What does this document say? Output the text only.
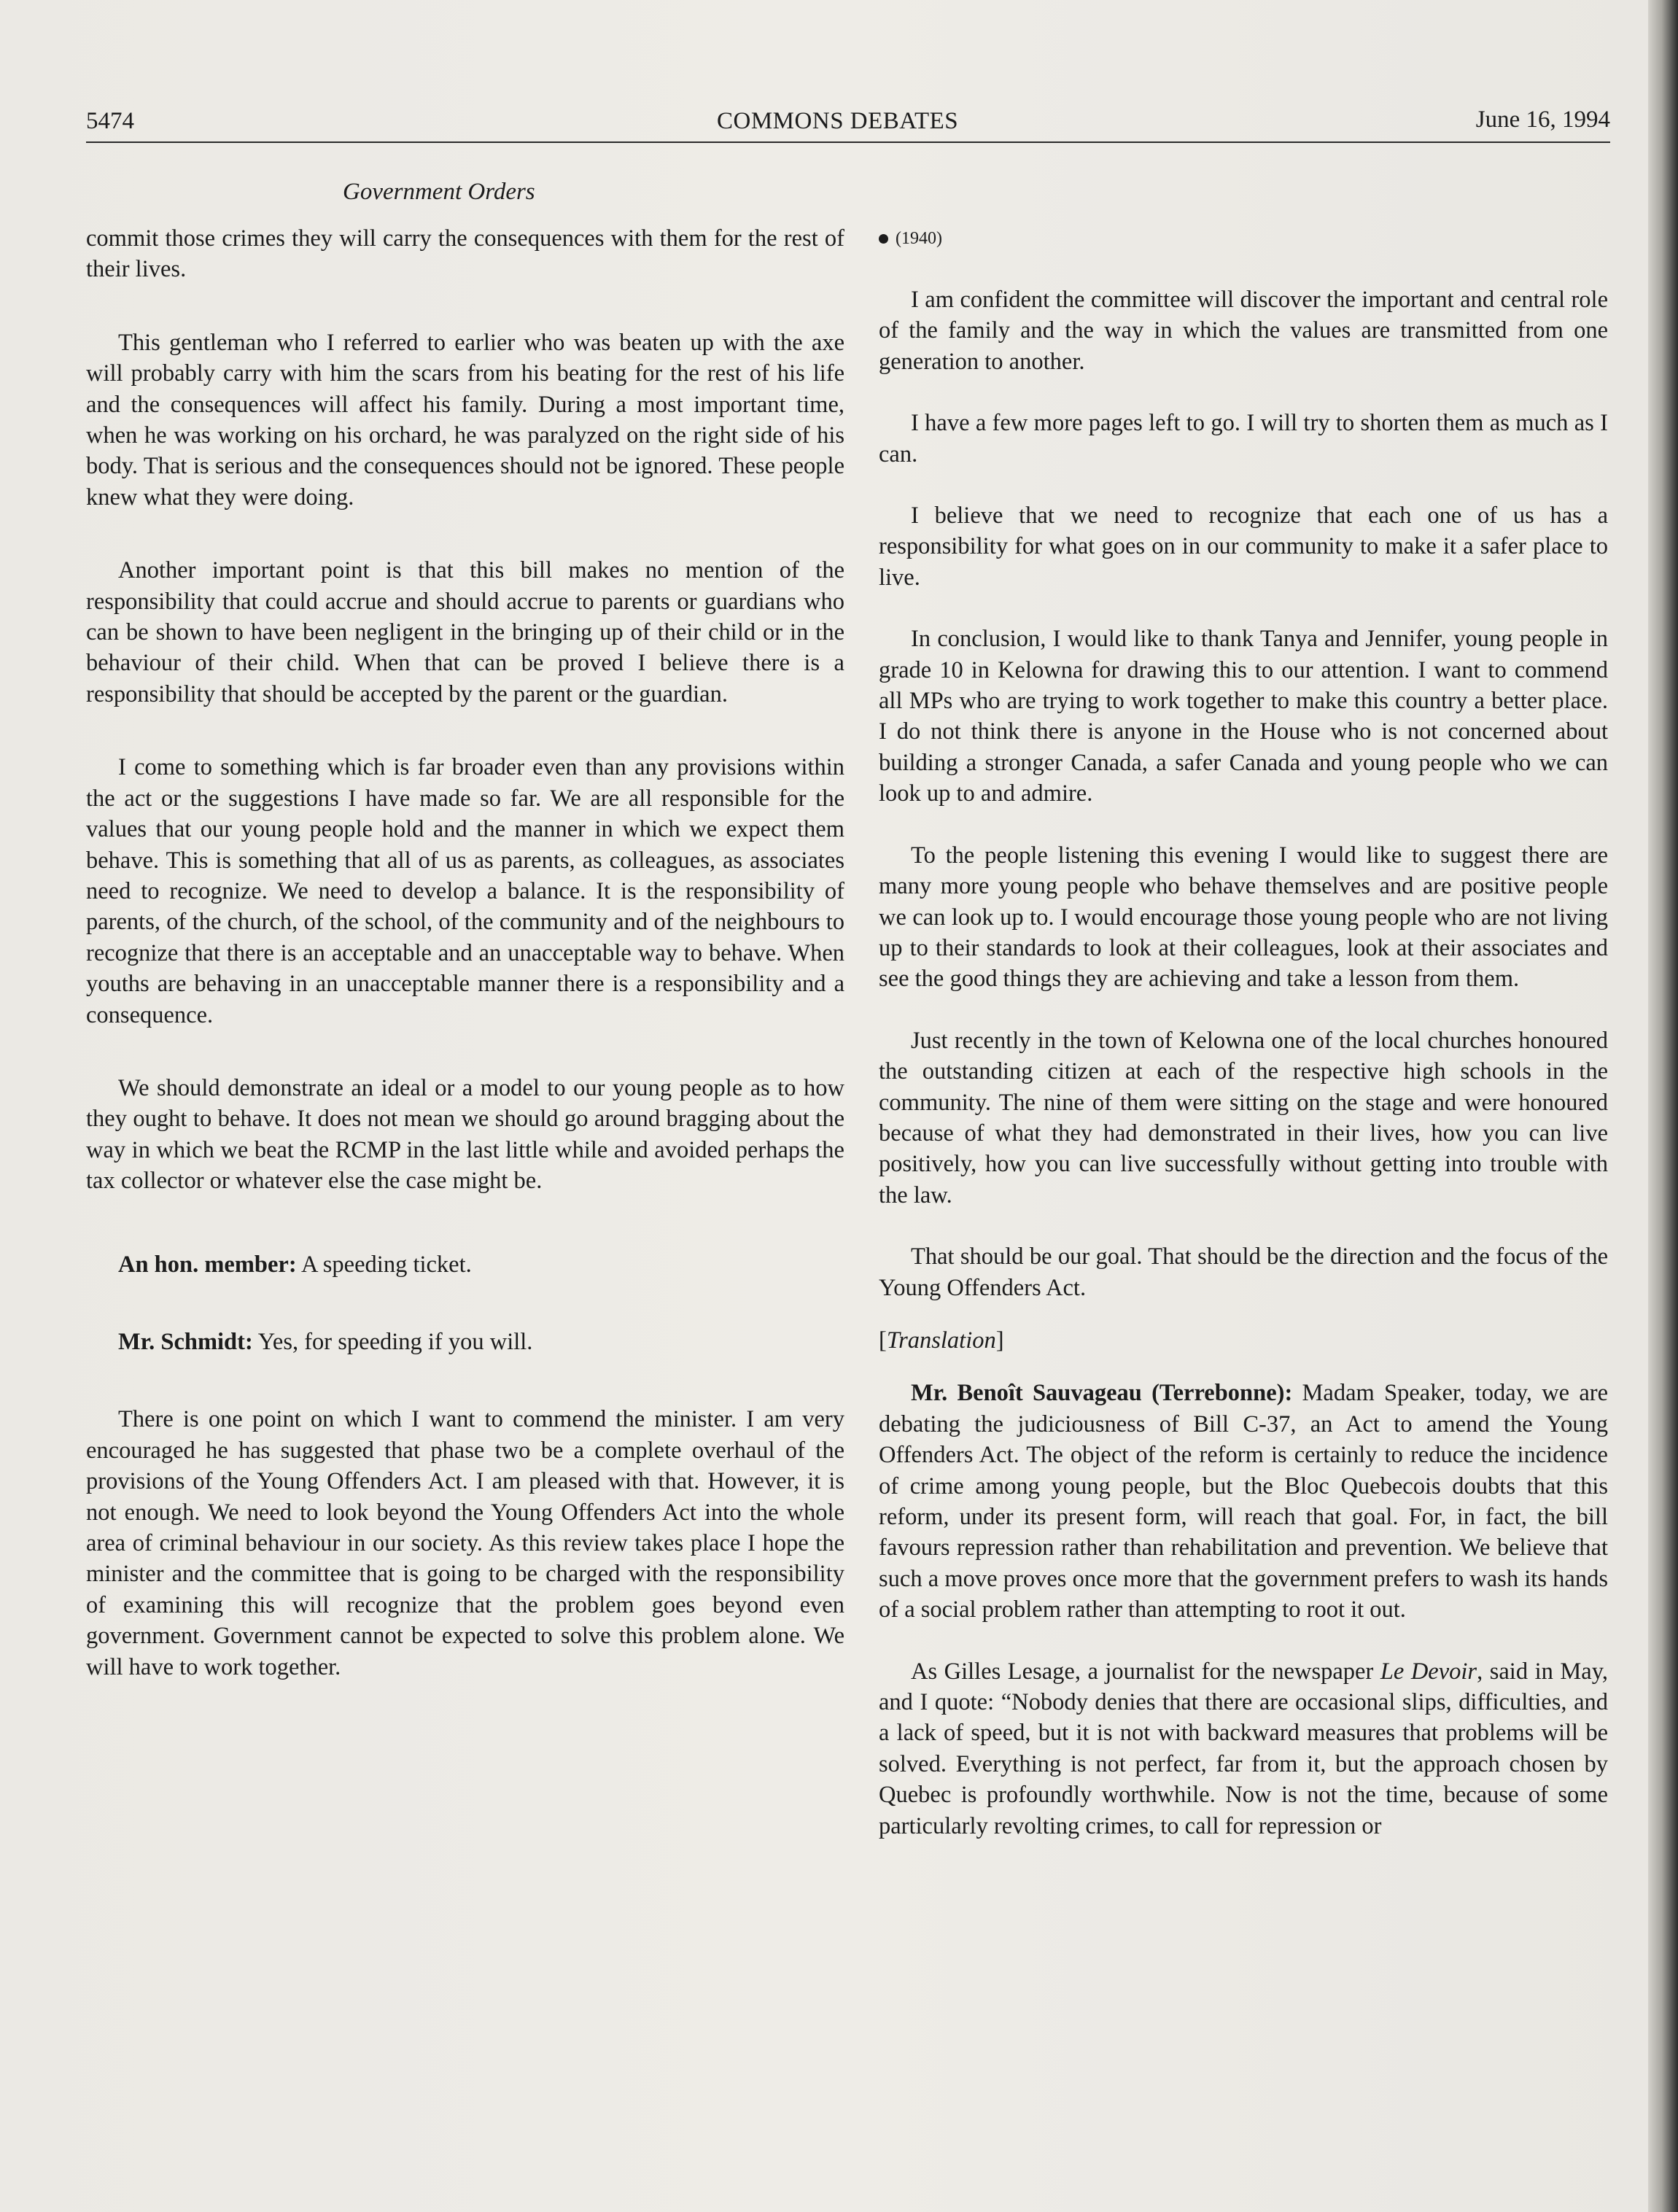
5474	COMMONS DEBATES	June 16, 1994
Government Orders

commit those crimes they will carry the consequences with them for the rest of their lives.

This gentleman who I referred to earlier who was beaten up with the axe will probably carry with him the scars from his beating for the rest of his life and the consequences will affect his family. During a most important time, when he was working on his orchard, he was paralyzed on the right side of his body. That is serious and the consequences should not be ignored. These people knew what they were doing.

Another important point is that this bill makes no mention of the responsibility that could accrue and should accrue to parents or guardians who can be shown to have been negligent in the bringing up of their child or in the behaviour of their child. When that can be proved I believe there is a responsibility that should be accepted by the parent or the guardian.

I come to something which is far broader even than any provisions within the act or the suggestions I have made so far. We are all responsible for the values that our young people hold and the manner in which we expect them behave. This is something that all of us as parents, as colleagues, as associates need to recognize. We need to develop a balance. It is the responsibility of parents, of the church, of the school, of the community and of the neighbours to recognize that there is an acceptable and an unacceptable way to behave. When youths are behaving in an unacceptable manner there is a responsibility and a consequence.

We should demonstrate an ideal or a model to our young people as to how they ought to behave. It does not mean we should go around bragging about the way in which we beat the RCMP in the last little while and avoided perhaps the tax collector or whatever else the case might be.

An hon. member: A speeding ticket.

Mr. Schmidt: Yes, for speeding if you will.

There is one point on which I want to commend the minister. I am very encouraged he has suggested that phase two be a complete overhaul of the provisions of the Young Offenders Act. I am pleased with that. However, it is not enough. We need to look beyond the Young Offenders Act into the whole area of criminal behaviour in our society. As this review takes place I hope the minister and the committee that is going to be charged with the responsibility of examining this will recognize that the problem goes beyond even government. Government cannot be expected to solve this problem alone. We will have to work together.

(1940)

I am confident the committee will discover the important and central role of the family and the way in which the values are transmitted from one generation to another.

I have a few more pages left to go. I will try to shorten them as much as I can.

I believe that we need to recognize that each one of us has a responsibility for what goes on in our community to make it a safer place to live.

In conclusion, I would like to thank Tanya and Jennifer, young people in grade 10 in Kelowna for drawing this to our attention. I want to commend all MPs who are trying to work together to make this country a better place. I do not think there is anyone in the House who is not concerned about building a stronger Canada, a safer Canada and young people who we can look up to and admire.

To the people listening this evening I would like to suggest there are many more young people who behave themselves and are positive people we can look up to. I would encourage those young people who are not living up to their standards to look at their colleagues, look at their associates and see the good things they are achieving and take a lesson from them.

Just recently in the town of Kelowna one of the local churches honoured the outstanding citizen at each of the respective high schools in the community. The nine of them were sitting on the stage and were honoured because of what they had demonstrated in their lives, how you can live positively, how you can live successfully without getting into trouble with the law.

That should be our goal. That should be the direction and the focus of the Young Offenders Act.

[Translation]

Mr. Benoît Sauvageau (Terrebonne): Madam Speaker, today, we are debating the judiciousness of Bill C-37, an Act to amend the Young Offenders Act. The object of the reform is certainly to reduce the incidence of crime among young people, but the Bloc Quebecois doubts that this reform, under its present form, will reach that goal. For, in fact, the bill favours repression rather than rehabilitation and prevention. We believe that such a move proves once more that the government prefers to wash its hands of a social problem rather than attempting to root it out.

As Gilles Lesage, a journalist for the newspaper Le Devoir, said in May, and I quote: “Nobody denies that there are occasional slips, difficulties, and a lack of speed, but it is not with backward measures that problems will be solved. Everything is not perfect, far from it, but the approach chosen by Quebec is profoundly worthwhile. Now is not the time, because of some particularly revolting crimes, to call for repression or
